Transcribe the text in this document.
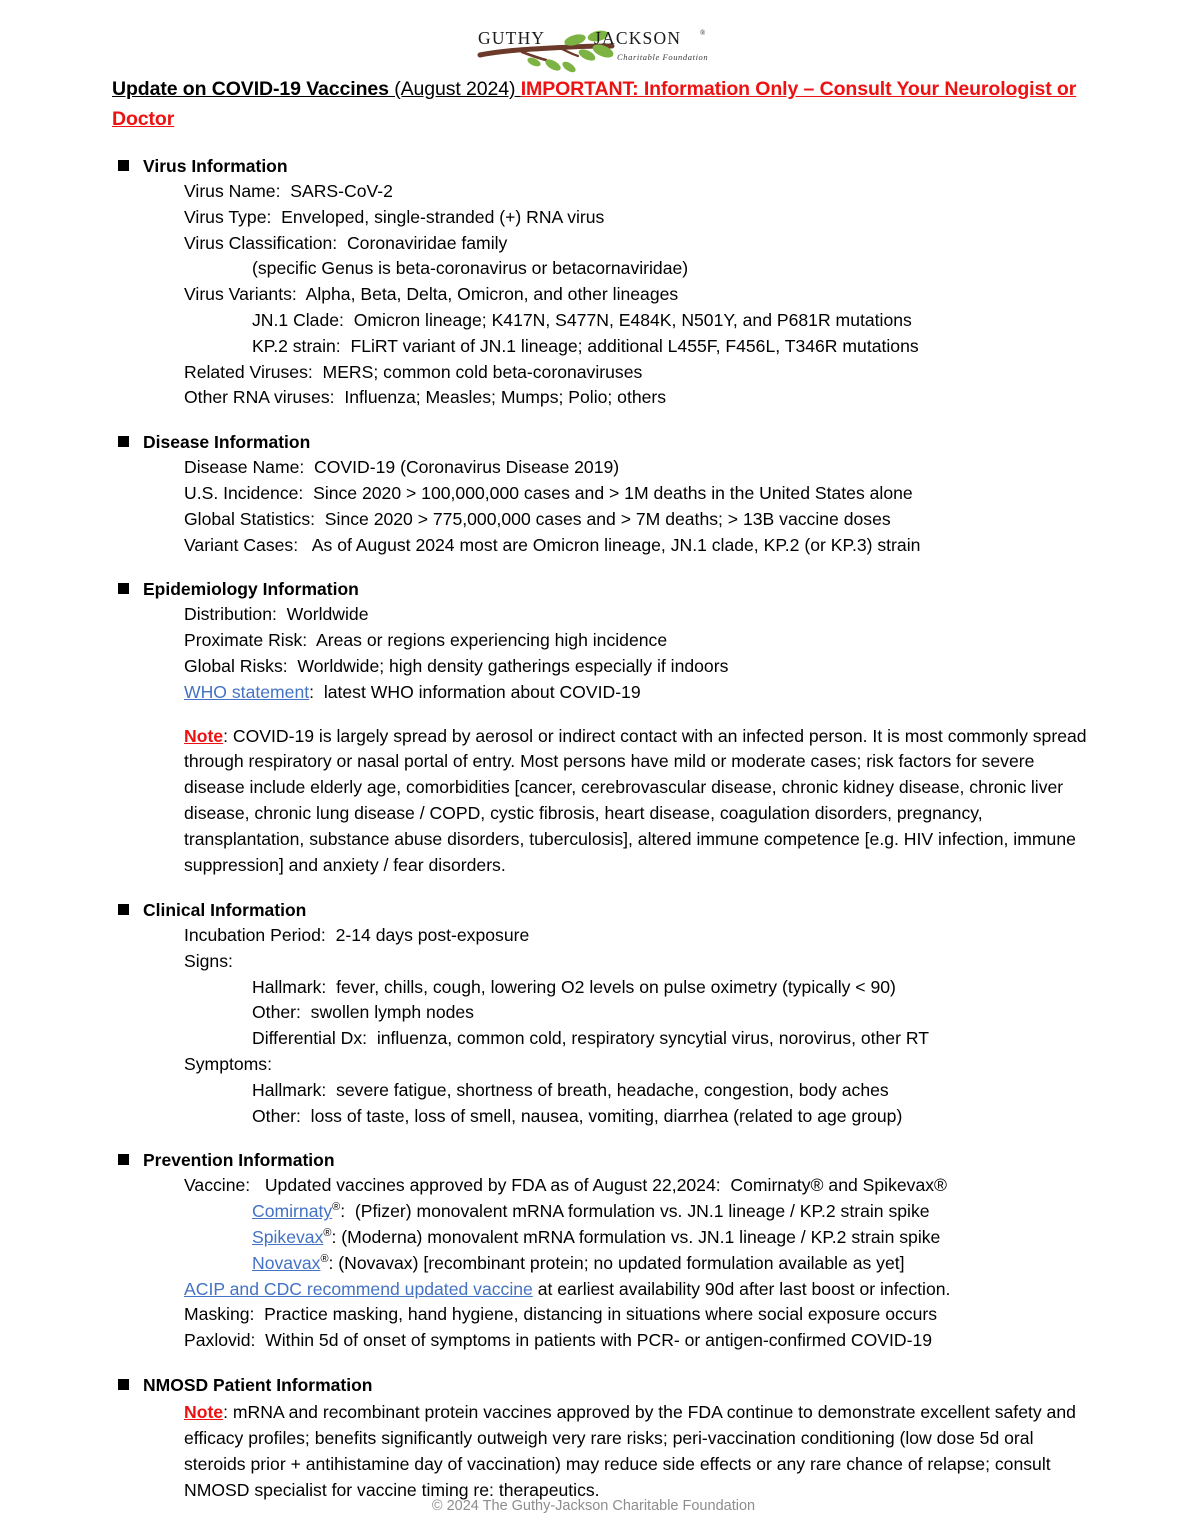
GUTHY	JACKSON	®
Charitable Foundation
Update on COVID-19 Vaccines (August 2024) IMPORTANT: Information Only – Consult Your Neurologist or Doctor
Virus Information
Virus Name:  SARS-CoV-2
Virus Type:  Enveloped, single-stranded (+) RNA virus
Virus Classification:  Coronaviridae family
(specific Genus is beta-coronavirus or betacornaviridae)
Virus Variants:  Alpha, Beta, Delta, Omicron, and other lineages
JN.1 Clade:  Omicron lineage; K417N, S477N, E484K, N501Y, and P681R mutations
KP.2 strain:  FLiRT variant of JN.1 lineage; additional L455F, F456L, T346R mutations
Related Viruses:  MERS; common cold beta-coronaviruses
Other RNA viruses:  Influenza; Measles; Mumps; Polio; others
Disease Information
Disease Name:  COVID-19 (Coronavirus Disease 2019)
U.S. Incidence:  Since 2020 > 100,000,000 cases and > 1M deaths in the United States alone
Global Statistics:  Since 2020 > 775,000,000 cases and > 7M deaths; > 13B vaccine doses
Variant Cases:   As of August 2024 most are Omicron lineage, JN.1 clade, KP.2 (or KP.3) strain
Epidemiology Information
Distribution:  Worldwide
Proximate Risk:  Areas or regions experiencing high incidence
Global Risks:  Worldwide; high density gatherings especially if indoors
WHO statement:  latest WHO information about COVID-19
Note: COVID-19 is largely spread by aerosol or indirect contact with an infected person. It is most commonly spread through respiratory or nasal portal of entry. Most persons have mild or moderate cases; risk factors for severe disease include elderly age, comorbidities [cancer, cerebrovascular disease, chronic kidney disease, chronic liver disease, chronic lung disease / COPD, cystic fibrosis, heart disease, coagulation disorders, pregnancy, transplantation, substance abuse disorders, tuberculosis], altered immune competence [e.g. HIV infection, immune suppression] and anxiety / fear disorders.
Clinical Information
Incubation Period:  2-14 days post-exposure
Signs:
Hallmark:  fever, chills, cough, lowering O2 levels on pulse oximetry (typically < 90)
Other:  swollen lymph nodes
Differential Dx:  influenza, common cold, respiratory syncytial virus, norovirus, other RT
Symptoms:
Hallmark:  severe fatigue, shortness of breath, headache, congestion, body aches
Other:  loss of taste, loss of smell, nausea, vomiting, diarrhea (related to age group)
Prevention Information
Vaccine:   Updated vaccines approved by FDA as of August 22,2024:  Comirnaty® and Spikevax®
Comirnaty®:  (Pfizer) monovalent mRNA formulation vs. JN.1 lineage / KP.2 strain spike
Spikevax®: (Moderna) monovalent mRNA formulation vs. JN.1 lineage / KP.2 strain spike
Novavax®: (Novavax) [recombinant protein; no updated formulation available as yet]
ACIP and CDC recommend updated vaccine at earliest availability 90d after last boost or infection.
Masking:  Practice masking, hand hygiene, distancing in situations where social exposure occurs
Paxlovid:  Within 5d of onset of symptoms in patients with PCR- or antigen-confirmed COVID-19
NMOSD Patient Information
Note: mRNA and recombinant protein vaccines approved by the FDA continue to demonstrate excellent safety and efficacy profiles; benefits significantly outweigh very rare risks; peri-vaccination conditioning (low dose 5d oral steroids prior + antihistamine day of vaccination) may reduce side effects or any rare chance of relapse; consult NMOSD specialist for vaccine timing re: therapeutics.
© 2024 The Guthy-Jackson Charitable Foundation
